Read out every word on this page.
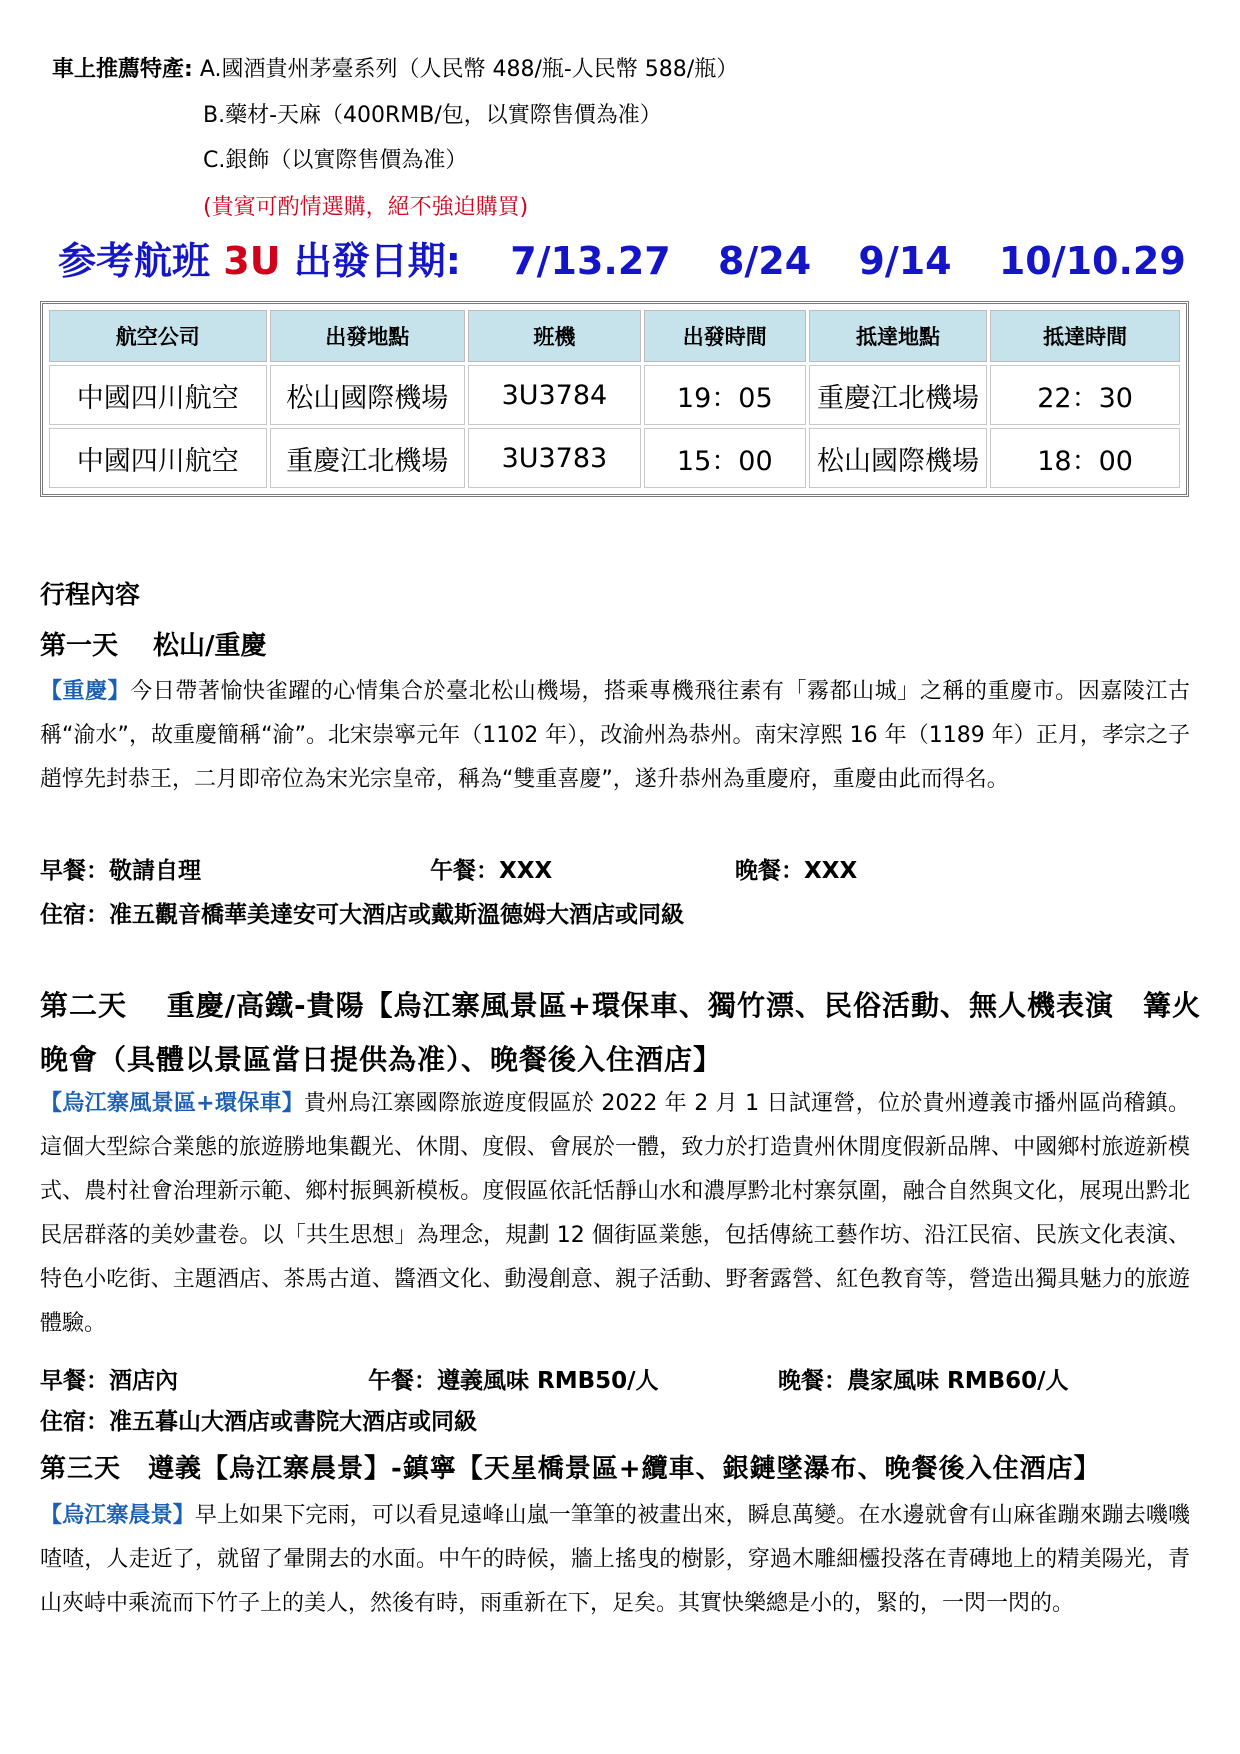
車上推薦特產: A.國酒貴州茅臺系列（人民幣 488/瓶-人民幣 588/瓶）
B.藥材-天麻（400RMB/包，以實際售價為准）
C.銀飾（以實際售價為准）
(貴賓可酌情選購，絕不強迫購買)
参考航班 3U 出發日期: 7/13.27 8/24 9/14 10/10.29
航空公司	出發地點	班機	出發時間	抵達地點	抵達時間
中國四川航空	松山國際機場	3U3784	19：05	重慶江北機場	22：30
中國四川航空	重慶江北機場	3U3783	15：00	松山國際機場	18：00
行程內容
第一天　 松山/重慶
【重慶】今日帶著愉快雀躍的心情集合於臺北松山機場，搭乘專機飛往素有「霧都山城」之稱的重慶市。因嘉陵江古稱“渝水”，故重慶簡稱“渝”。北宋崇寧元年（1102 年），改渝州為恭州。南宋淳熙 16 年（1189 年）正月，孝宗之子趙惇先封恭王，二月即帝位為宋光宗皇帝，稱為“雙重喜慶”，遂升恭州為重慶府，重慶由此而得名。
早餐：敬請自理	午餐：XXX	晚餐：XXX
住宿：准五觀音橋華美達安可大酒店或戴斯溫德姆大酒店或同級
第二天　 重慶/高鐵-貴陽【烏江寨風景區+環保車、獨竹漂、民俗活動、無人機表演　篝火
晚會（具體以景區當日提供為准）、晚餐後入住酒店】
【烏江寨風景區+環保車】貴州烏江寨國際旅遊度假區於 2022 年 2 月 1 日試運營，位於貴州遵義市播州區尚稽鎮。這個大型綜合業態的旅遊勝地集觀光、休閒、度假、會展於一體，致力於打造貴州休閒度假新品牌、中國鄉村旅遊新模式、農村社會治理新示範、鄉村振興新模板。度假區依託恬靜山水和濃厚黔北村寨氛圍，融合自然與文化，展現出黔北民居群落的美妙畫卷。以「共生思想」為理念，規劃 12 個街區業態，包括傳統工藝作坊、沿江民宿、民族文化表演、特色小吃街、主題酒店、茶馬古道、醬酒文化、動漫創意、親子活動、野奢露營、紅色教育等，營造出獨具魅力的旅遊體驗。
早餐：酒店內	午餐：遵義風味 RMB50/人	晚餐：農家風味 RMB60/人
住宿：准五暮山大酒店或書院大酒店或同級
第三天　遵義【烏江寨晨景】-鎮寧【天星橋景區+纜車、銀鏈墜瀑布、晚餐後入住酒店】
【烏江寨晨景】早上如果下完雨，可以看見遠峰山嵐一筆筆的被畫出來，瞬息萬變。在水邊就會有山麻雀蹦來蹦去嘰嘰喳喳，人走近了，就留了暈開去的水面。中午的時候，牆上搖曳的樹影，穿過木雕細欞投落在青磚地上的精美陽光，青山夾峙中乘流而下竹子上的美人，然後有時，雨重新在下，足矣。其實快樂總是小的，緊的，一閃一閃的。
